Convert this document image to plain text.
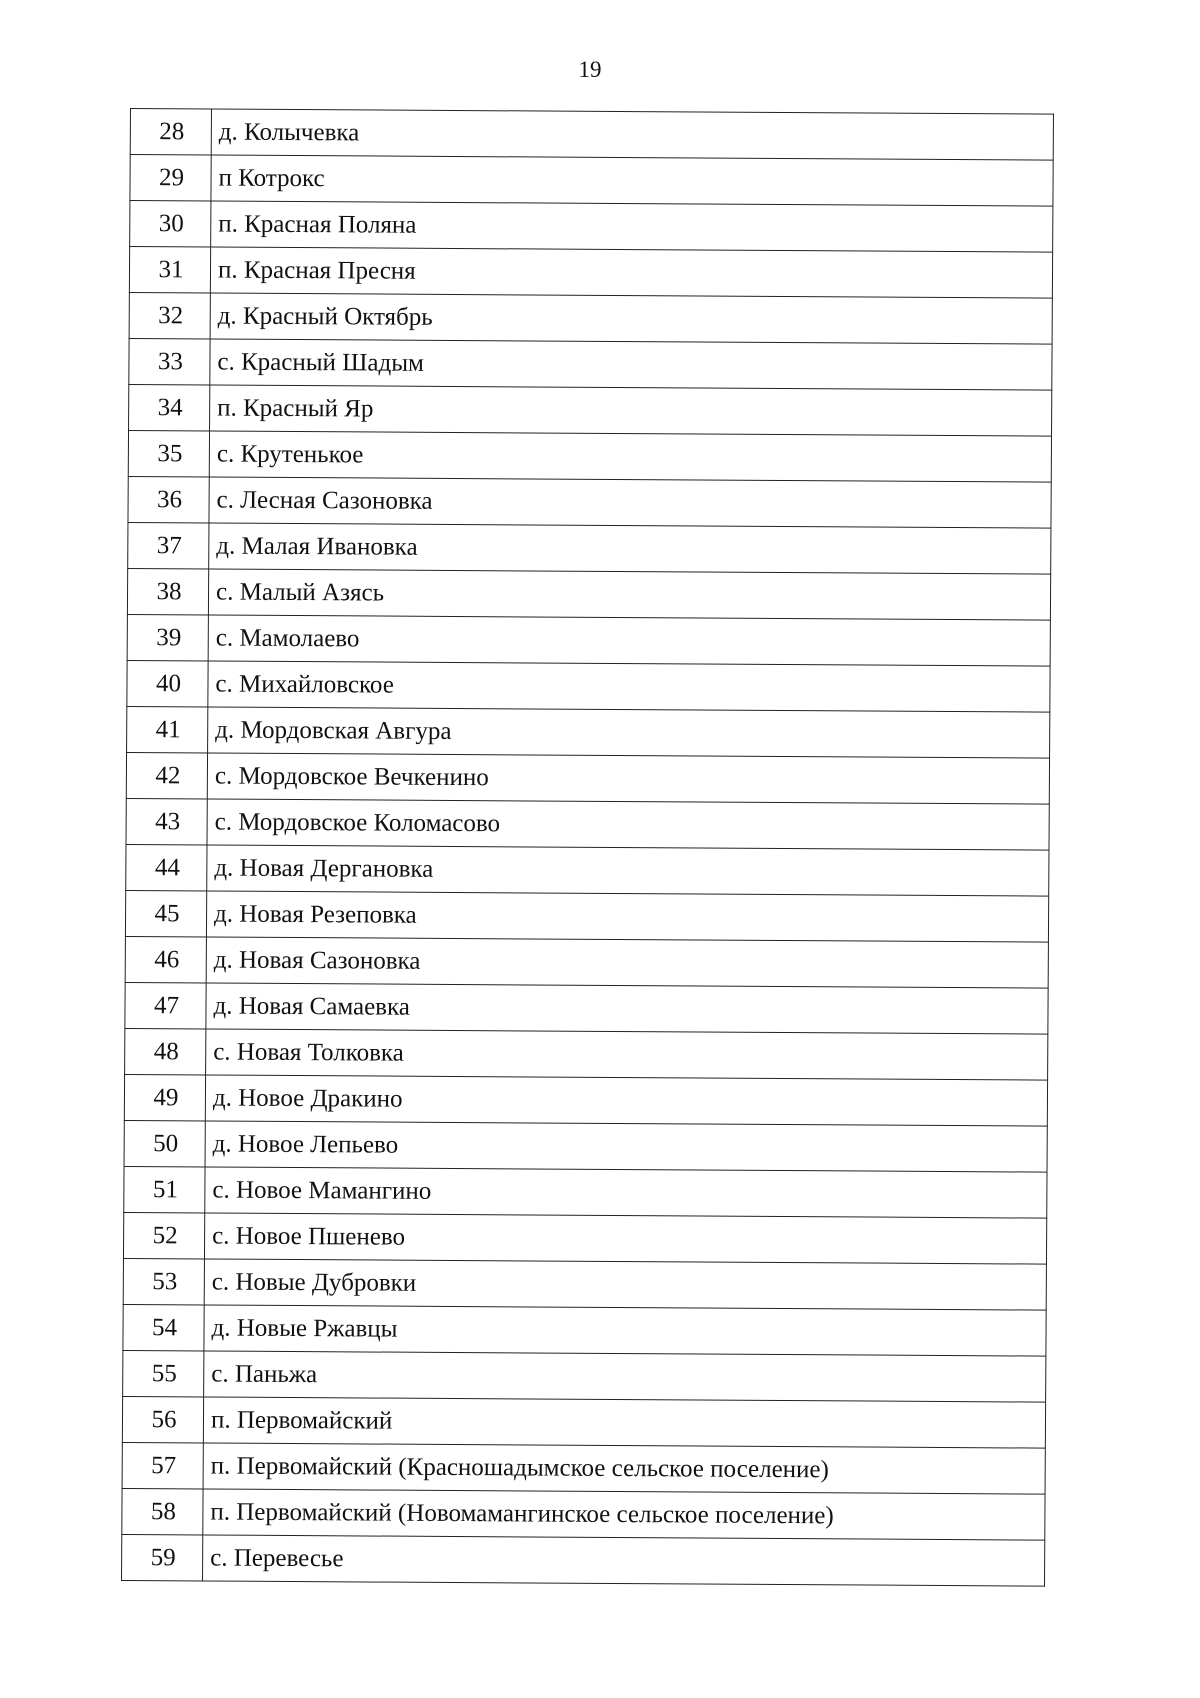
19
28	д. Колычевка
29	п Котрокс
30	п. Красная Поляна
31	п. Красная Пресня
32	д. Красный Октябрь
33	с. Красный Шадым
34	п. Красный Яр
35	с. Крутенькое
36	с. Лесная Сазоновка
37	д. Малая Ивановка
38	с. Малый Азясь
39	с. Мамолаево
40	с. Михайловское
41	д. Мордовская Авгура
42	с. Мордовское Вечкенино
43	с. Мордовское Коломасово
44	д. Новая Дергановка
45	д. Новая Резеповка
46	д. Новая Сазоновка
47	д. Новая Самаевка
48	с. Новая Толковка
49	д. Новое Дракино
50	д. Новое Лепьево
51	с. Новое Мамангино
52	с. Новое Пшенево
53	с. Новые Дубровки
54	д. Новые Ржавцы
55	с. Паньжа
56	п. Первомайский
57	п. Первомайский (Красношадымское сельское поселение)
58	п. Первомайский (Новомамангинское сельское поселение)
59	с. Перевесье
